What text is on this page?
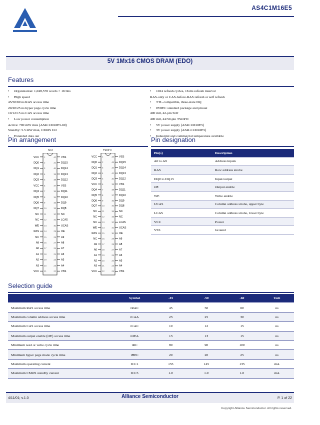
AS4C1M16E5
5V 1Mx16 CMOS DRAM (EDO)
Features
• Organization: 1,048,576 words × 16 bits
• High speed
45/50/60 ns RAS access time
20/20/25 ns hyper page cycle time
10/12/15 ns CAS access time
• Low power consumption
Active: 790 mW max (AS4C1M16E5-60)
Standby: 5.5 mW max, CMOS I/O
• Extended data out
• 1024 refresh cycles, 16 ms refresh interval
RAS-only or CAS-before-RAS refresh or self refresh
• TTL-compatible, three-state DQ
• JEDEC standard package and pinout
400 mil, 42-pin SOJ
400 mil, 44/50-pin TSOP II
• 5V power supply (AS4C1M16E5)
• 3V power supply (AS4LC1M16E5)
• Industrial and commercial temperature available
Pin arrangement
SOJ	TSOP II
VCC 1
DQ0 2
DQ1 3
DQ2 4
DQ3 5
VCC 6
DQ4 7
DQ5 8
DQ6 9
DQ7 10
NC 11
NC 12
WE 13
RAS 14
NC 15
A9 16
A0 17
A1 18
A2 19
A3 20
VCC 21	VSS
22
A4
23
A5
24
A6
25
A7
26
A8
27
A9
28
OE
29
UCAS
30
LCAS
31
NC
32
DQ8
33
DQ9
34
DQ10
35
DQ11
36
VSS
37
DQ12
38
DQ13
39
DQ14
40
DQ15
41
VSS
42	VCC 1
DQ0 2
DQ1 3
DQ2 4
DQ3 5
VCC 6
DQ4 7
DQ5 8
DQ6 9
DQ7 10
NC 11
NC 12
NC 13
WE 14
RAS 15
NC 16
A9 17
A0 18
A1 19
A2 20
A3 21
VCC 22	VSS
23
A4
24
A5
25
A6
26
A7
27
A8
28
A9
29
OE
30
UCAS
31
LCAS
32
NC
33
NC
34
DQ8
35
DQ9
36
DQ10
37
DQ11
38
VSS
39
DQ12
40
DQ13
41
DQ14
42
DQ15
43
VSS
44
Pin designation
Pin(s)	Description
A0 to A9	Address inputs
RAS	Row address strobe
DQ0 to DQ15	Input/output
OE	Output enable
WE	Write enable
UCAS	Column address strobe, upper byte
LCAS	Column address strobe, lower byte
VCC	Power
VSS	Ground
Selection guide
	Symbol	-45	-50	-60	Unit
Maximum RAS access time	tRAC	45	50	60	ns
Maximum column address access time	tCAA	23	25	30	ns
Maximum CAS access time	tCAC	10	12	15	ns
Maximum output enable (OE) access time	tOEA	13	13	15	ns
Minimum read or write cycle time	tRC	80	90	100	ns
Minimum hyper page mode cycle time	tHPC	20	20	25	ns
Maximum operating current	ICC1	155	145	135	mA
Maximum CMOS standby current	ICC5	1.0	1.0	1.0	mA
4/11/01; v.1.0	Alliance Semiconductor	P. 1 of 22
Copyright Alliance Semiconductor. All rights reserved.
